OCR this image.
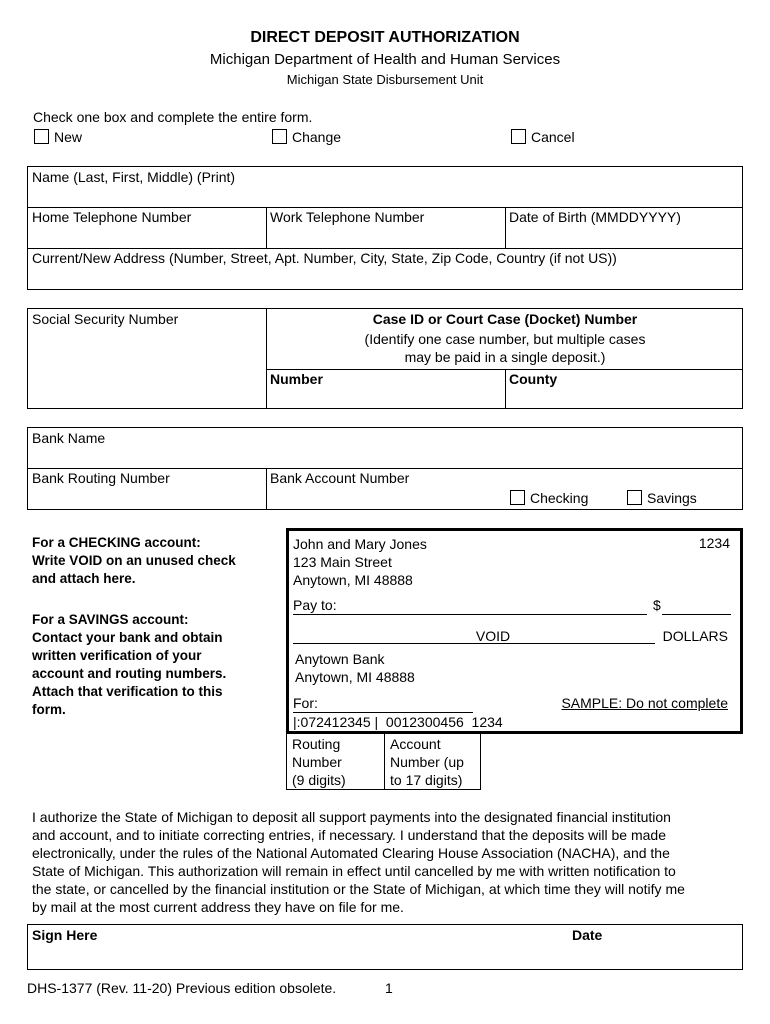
DIRECT DEPOSIT AUTHORIZATION
Michigan Department of Health and Human Services
Michigan State Disbursement Unit
Check one box and complete the entire form.
New	Change	Cancel
Name (Last, First, Middle) (Print)
Home Telephone Number	Work Telephone Number	Date of Birth (MMDDYYYY)
Current/New Address (Number, Street, Apt. Number, City, State, Zip Code, Country (if not US))
Social Security Number	Case ID or Court Case (Docket) Number
(Identify one case number, but multiple cases
may be paid in a single deposit.)
Number	County
Bank Name
Bank Routing Number	Bank Account Number
Checking	Savings
For a CHECKING account:
Write VOID on an unused check
and attach here.
For a SAVINGS account:
Contact your bank and obtain
written verification of your
account and routing numbers.
Attach that verification to this
form.
John and Mary Jones
123 Main Street
Anytown, MI 48888
1234
Pay to:	$
VOID	DOLLARS
Anytown Bank
Anytown, MI 48888
For:	SAMPLE: Do not complete
|:072412345 |  0012300456  1234
Routing
Number
(9 digits)
Account
Number (up
to 17 digits)
I authorize the State of Michigan to deposit all support payments into the designated financial institution
and account, and to initiate correcting entries, if necessary. I understand that the deposits will be made
electronically, under the rules of the National Automated Clearing House Association (NACHA), and the
State of Michigan. This authorization will remain in effect until cancelled by me with written notification to
the state, or cancelled by the financial institution or the State of Michigan, at which time they will notify me
by mail at the most current address they have on file for me.
Sign Here	Date
DHS-1377 (Rev. 11-20) Previous edition obsolete.	1
